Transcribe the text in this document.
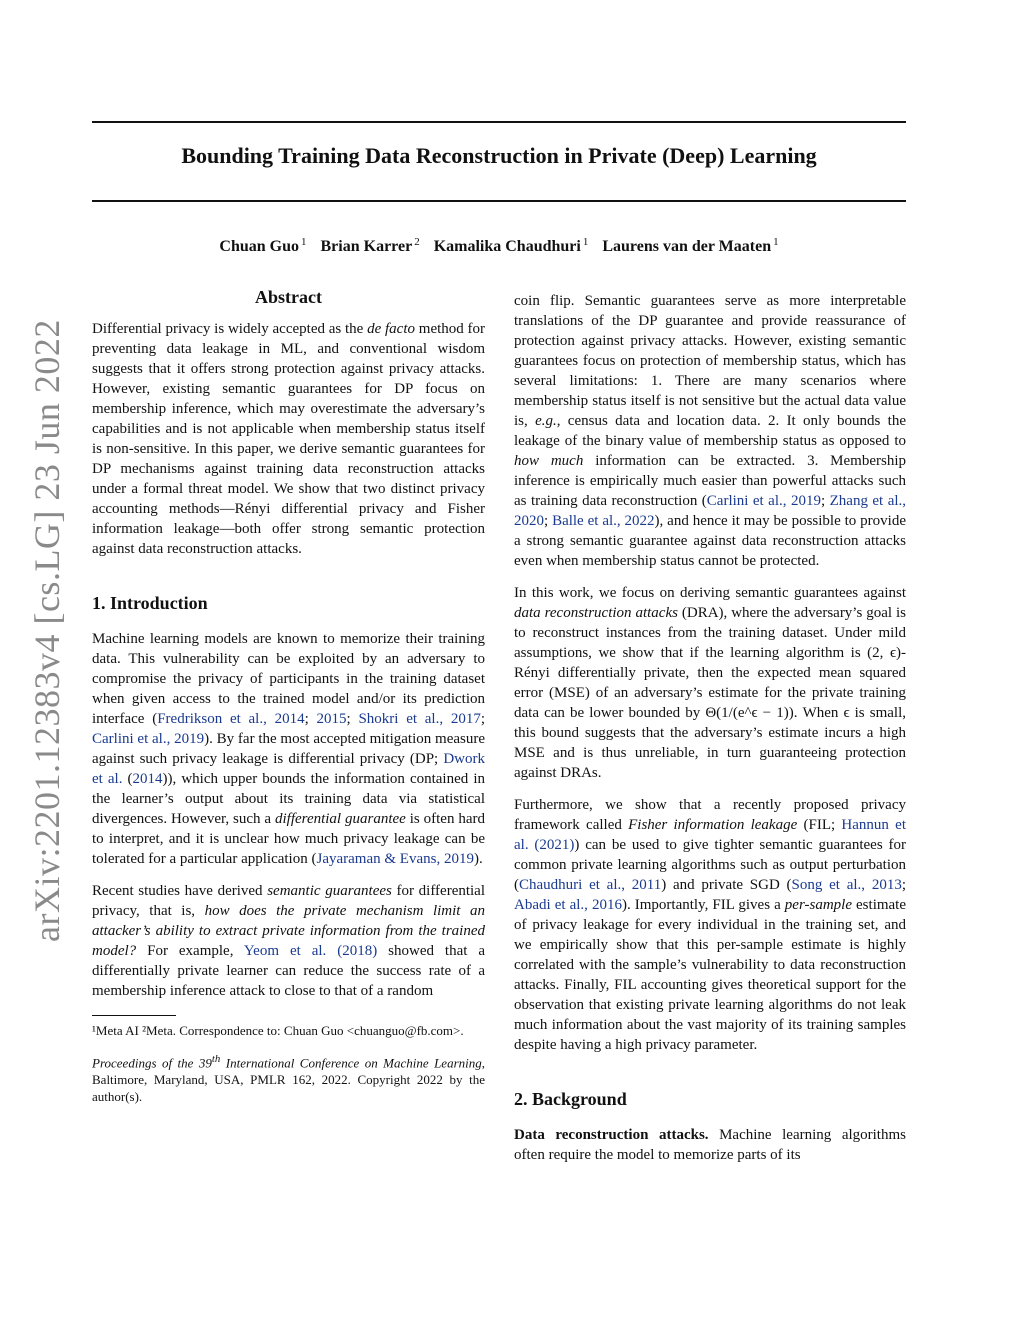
arXiv:2201.12383v4 [cs.LG] 23 Jun 2022
Bounding Training Data Reconstruction in Private (Deep) Learning
Chuan Guo $^1$ Brian Karrer $^2$ Kamalika Chaudhuri $^1$ Laurens van der Maaten $^1$
Abstract

Differential privacy is widely accepted as the de facto method for preventing data leakage in ML, and conventional wisdom suggests that it offers strong protection against privacy attacks. However, existing semantic guarantees for DP focus on membership inference, which may overestimate the adversary’s capabilities and is not applicable when membership status itself is non-sensitive. In this paper, we derive semantic guarantees for DP mechanisms against training data reconstruction attacks under a formal threat model. We show that two distinct privacy accounting methods—Rényi differential privacy and Fisher information leakage—both offer strong semantic protection against data reconstruction attacks.

1. Introduction

Machine learning models are known to memorize their training data. This vulnerability can be exploited by an adversary to compromise the privacy of participants in the training dataset when given access to the trained model and/or its prediction interface (Fredrikson et al., 2014; 2015; Shokri et al., 2017; Carlini et al., 2019). By far the most accepted mitigation measure against such privacy leakage is differential privacy (DP; Dwork et al. (2014)), which upper bounds the information contained in the learner’s output about its training data via statistical divergences. However, such a differential guarantee is often hard to interpret, and it is unclear how much privacy leakage can be tolerated for a particular application (Jayaraman & Evans, 2019).

Recent studies have derived semantic guarantees for differential privacy, that is, how does the private mechanism limit an attacker’s ability to extract private information from the trained model? For example, Yeom et al. (2018) showed that a differentially private learner can reduce the success rate of a membership inference attack to close to that of a random

¹Meta AI ²Meta. Correspondence to: Chuan Guo <chuanguo@fb.com>.

Proceedings of the 39th International Conference on Machine Learning, Baltimore, Maryland, USA, PMLR 162, 2022. Copyright 2022 by the author(s).

coin flip. Semantic guarantees serve as more interpretable translations of the DP guarantee and provide reassurance of protection against privacy attacks. However, existing semantic guarantees focus on protection of membership status, which has several limitations: 1. There are many scenarios where membership status itself is not sensitive but the actual data value is, e.g., census data and location data. 2. It only bounds the leakage of the binary value of membership status as opposed to how much information can be extracted. 3. Membership inference is empirically much easier than powerful attacks such as training data reconstruction (Carlini et al., 2019; Zhang et al., 2020; Balle et al., 2022), and hence it may be possible to provide a strong semantic guarantee against data reconstruction attacks even when membership status cannot be protected.

In this work, we focus on deriving semantic guarantees against data reconstruction attacks (DRA), where the adversary’s goal is to reconstruct instances from the training dataset. Under mild assumptions, we show that if the learning algorithm is (2, ϵ)-Rényi differentially private, then the expected mean squared error (MSE) of an adversary’s estimate for the private training data can be lower bounded by Θ(1/(e^ϵ − 1)). When ϵ is small, this bound suggests that the adversary’s estimate incurs a high MSE and is thus unreliable, in turn guaranteeing protection against DRAs.

Furthermore, we show that a recently proposed privacy framework called Fisher information leakage (FIL; Hannun et al. (2021)) can be used to give tighter semantic guarantees for common private learning algorithms such as output perturbation (Chaudhuri et al., 2011) and private SGD (Song et al., 2013; Abadi et al., 2016). Importantly, FIL gives a per-sample estimate of privacy leakage for every individual in the training set, and we empirically show that this per-sample estimate is highly correlated with the sample’s vulnerability to data reconstruction attacks. Finally, FIL accounting gives theoretical support for the observation that existing private learning algorithms do not leak much information about the vast majority of its training samples despite having a high privacy parameter.

2. Background

Data reconstruction attacks. Machine learning algorithms often require the model to memorize parts of its
